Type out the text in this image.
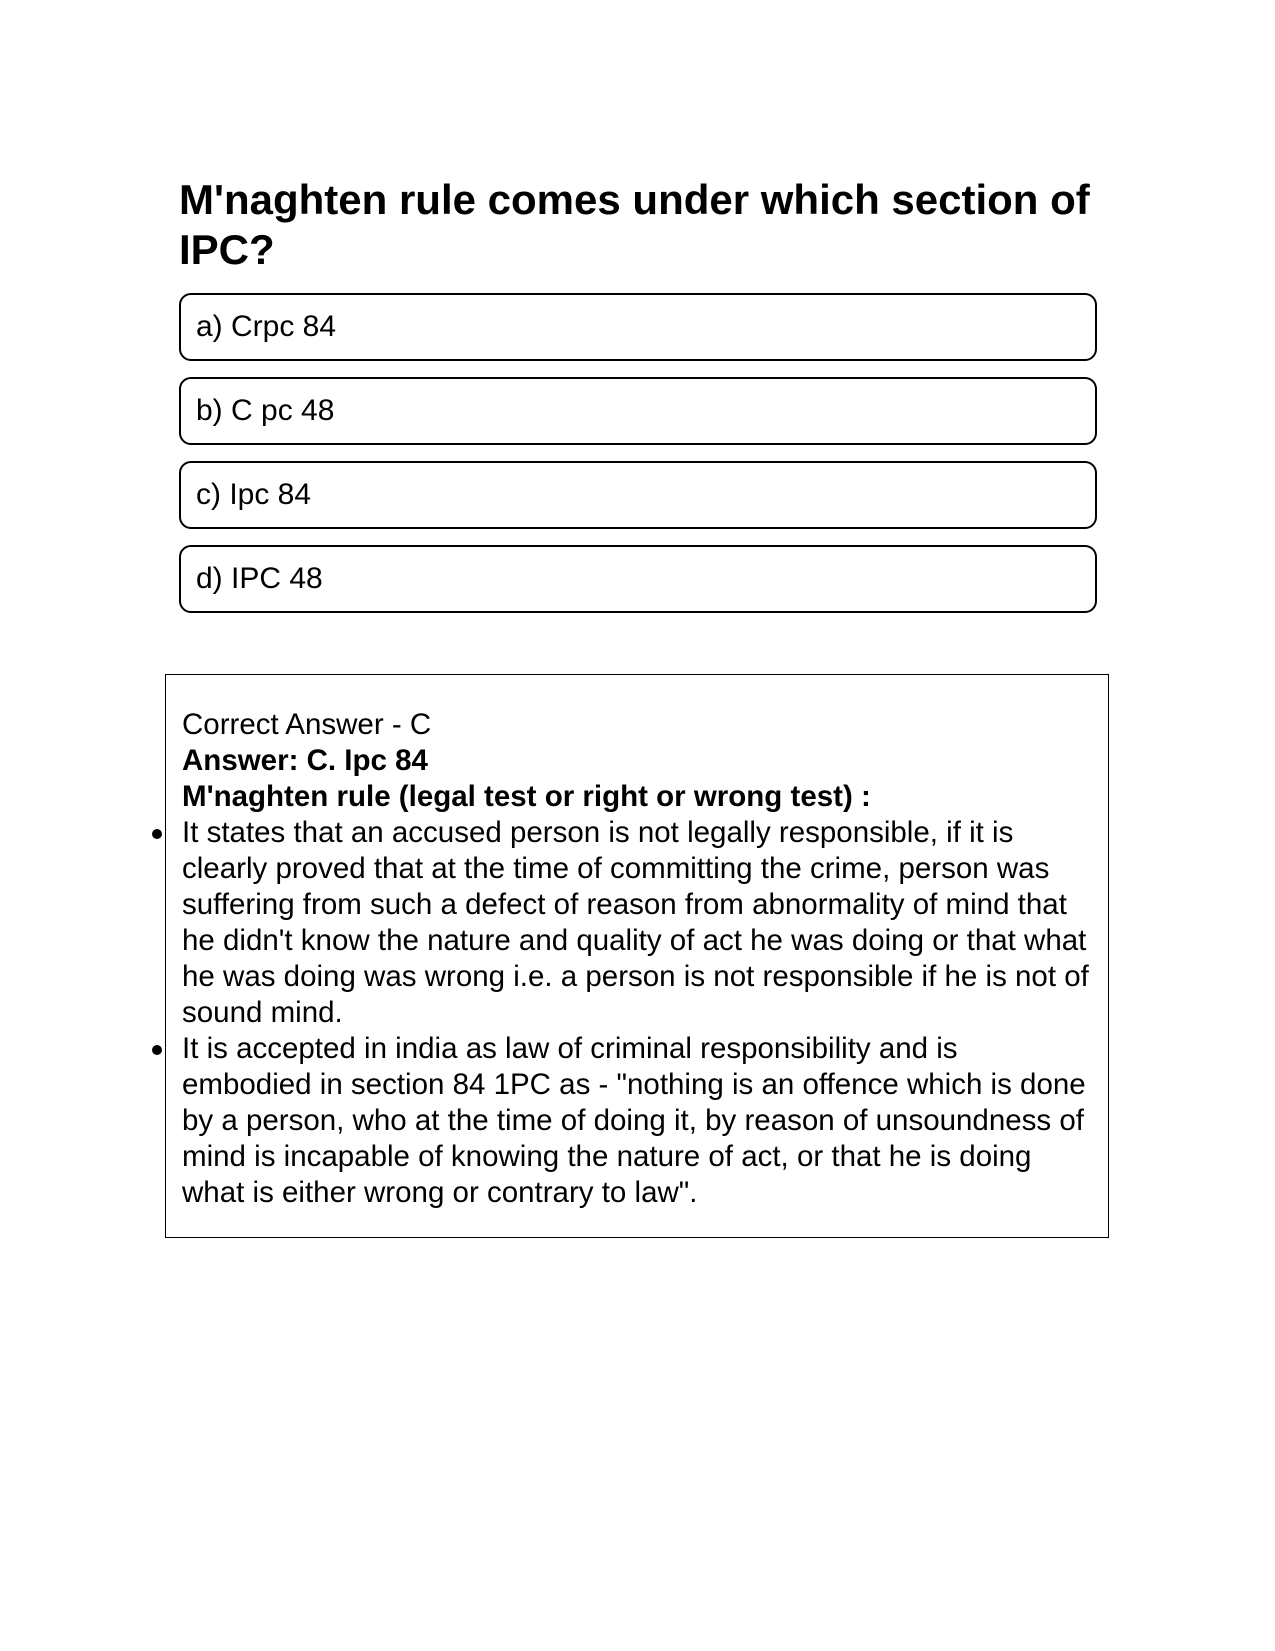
M'naghten rule comes under which section of IPC?
a) Crpc 84
b) C pc 48
c) Ipc 84
d) IPC 48
Correct Answer - C
Answer: C. Ipc 84
M'naghten rule (legal test or right or wrong test) :
It states that an accused person is not legally responsible, if it is clearly proved that at the time of committing the crime, person was suffering from such a defect of reason from abnormality of mind that he didn't know the nature and quality of act he was doing or that what he was doing was wrong i.e. a person is not responsible if he is not of sound mind.
It is accepted in india as law of criminal responsibility and is embodied in section 84 1PC as - "nothing is an offence which is done by a person, who at the time of doing it, by reason of unsoundness of mind is incapable of knowing the nature of act, or that he is doing what is either wrong or contrary to law".
